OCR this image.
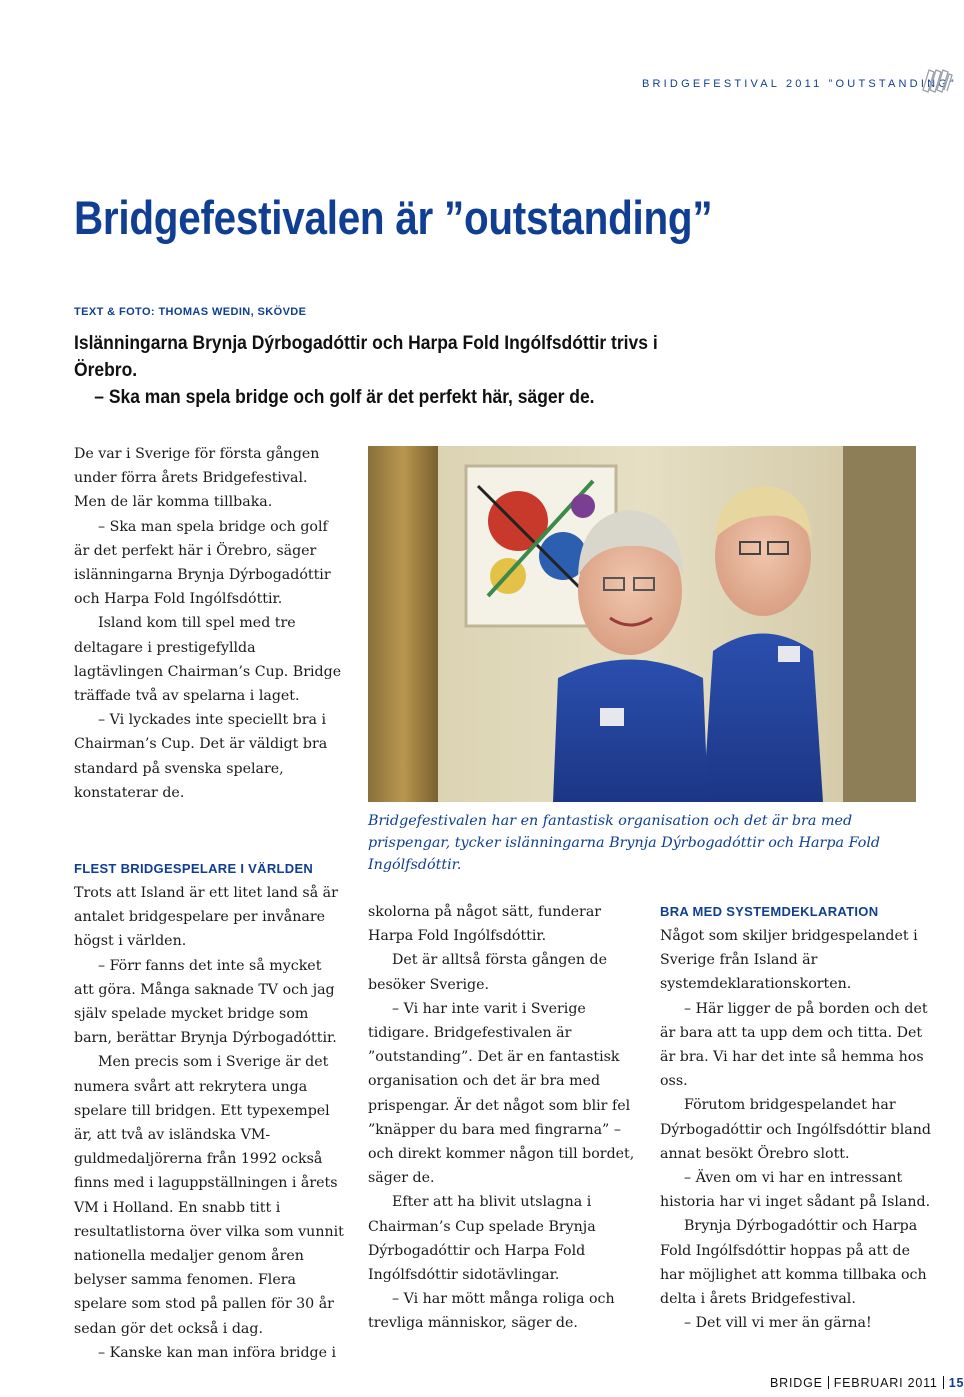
BRIDGEFESTIVAL 2011 ”OUTSTANDING”
Bridgefestivalen är ”outstanding”
TEXT & FOTO: THOMAS WEDIN, SKÖVDE

Islänningarna Brynja Dýrbogadóttir och Harpa Fold Ingólfsdóttir trivs i Örebro.

– Ska man spela bridge och golf är det perfekt här, säger de.

De var i Sverige för första gången under förra årets Bridgefestival. Men de lär komma tillbaka.

– Ska man spela bridge och golf är det perfekt här i Örebro, säger islänningarna Brynja Dýrbogadóttir och Harpa Fold Ingólfsdóttir.

Island kom till spel med tre deltagare i prestigefyllda lagtävlingen Chairman’s Cup. Bridge träffade två av spelarna i laget.

– Vi lyckades inte speciellt bra i Chairman’s Cup. Det är väldigt bra standard på svenska spelare, konstaterar de.

FLEST BRIDGESPELARE I VÄRLDEN

Trots att Island är ett litet land så är antalet bridgespelare per invånare högst i världen.

– Förr fanns det inte så mycket att göra. Många saknade TV och jag själv spelade mycket bridge som barn, berättar Brynja Dýrbogadóttir.

Men precis som i Sverige är det numera svårt att rekrytera unga spelare till bridgen. Ett typexempel är, att två av isländska VM-guldmedaljörerna från 1992 också finns med i laguppställningen i årets VM i Holland. En snabb titt i resultatlistorna över vilka som vunnit nationella medaljer genom åren belyser samma fenomen. Flera spelare som stod på pallen för 30 år sedan gör det också i dag.

– Kanske kan man införa bridge i

Bridgefestivalen har en fantastisk organisation och det är bra med prispengar, tycker islänningarna Brynja Dýrbogadóttir och Harpa Fold Ingólfsdóttir.

skolorna på något sätt, funderar Harpa Fold Ingólfsdóttir.

Det är alltså första gången de besöker Sverige.

– Vi har inte varit i Sverige tidigare. Bridgefestivalen är ”outstanding”. Det är en fantastisk organisation och det är bra med prispengar. Är det något som blir fel ”knäpper du bara med fingrarna” – och direkt kommer någon till bordet, säger de.

Efter att ha blivit utslagna i Chairman’s Cup spelade Brynja Dýrbogadóttir och Harpa Fold Ingólfsdóttir sidotävlingar.

– Vi har mött många roliga och trevliga människor, säger de.

BRA MED SYSTEMDEKLARATION

Något som skiljer bridgespelandet i Sverige från Island är systemdeklarationskorten.

– Här ligger de på borden och det är bara att ta upp dem och titta. Det är bra. Vi har det inte så hemma hos oss.

Förutom bridgespelandet har Dýrbogadóttir och Ingólfsdóttir bland annat besökt Örebro slott.

– Även om vi har en intressant historia har vi inget sådant på Island.

Brynja Dýrbogadóttir och Harpa Fold Ingólfsdóttir hoppas på att de har möjlighet att komma tillbaka och delta i årets Bridgefestival.

– Det vill vi mer än gärna!

BRIDGE FEBRUARI 2011 15
